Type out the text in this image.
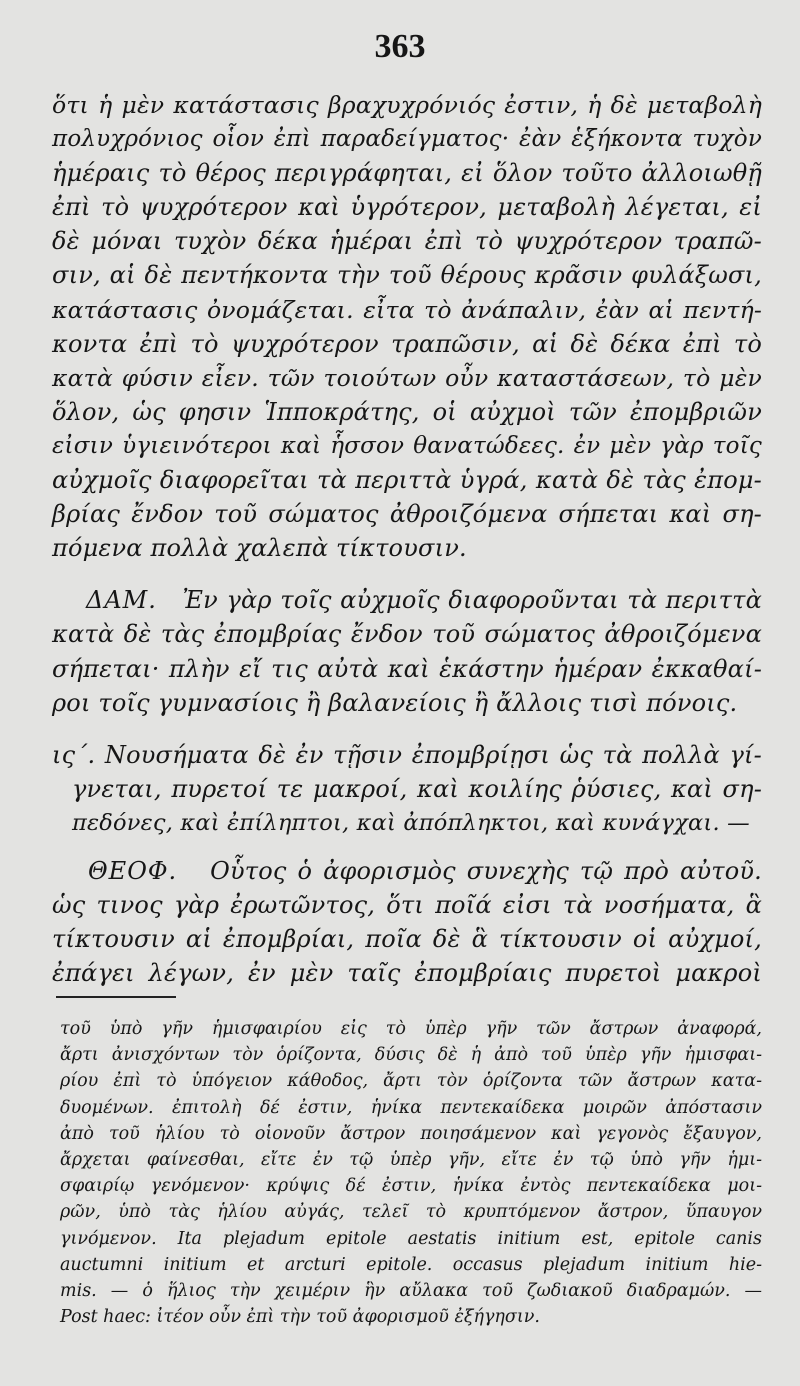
363
ὅτι ἡ μὲν κατάστασις βραχυχρόνιός ἐστιν, ἡ δὲ μεταβολὴ
πολυχρόνιος οἷον ἐπὶ παραδείγματος· ἐὰν ἑξήκοντα τυχὸν
ἡμέραις τὸ θέρος περιγράφηται, εἰ ὅλον τοῦτο ἀλλοιωθῇ
ἐπὶ τὸ ψυχρότερον καὶ ὑγρότερον, μεταβολὴ λέγεται, εἰ
δὲ μόναι τυχὸν δέκα ἡμέραι ἐπὶ τὸ ψυχρότερον τραπῶ-
σιν, αἱ δὲ πεντήκοντα τὴν τοῦ θέρους κρᾶσιν φυλάξωσι,
κατάστασις ὀνομάζεται. εἶτα τὸ ἀνάπαλιν, ἐὰν αἱ πεντή-
κοντα ἐπὶ τὸ ψυχρότερον τραπῶσιν, αἱ δὲ δέκα ἐπὶ τὸ
κατὰ φύσιν εἶεν. τῶν τοιούτων οὖν καταστάσεων, τὸ μὲν
ὅλον, ὡς φησιν Ἱπποκράτης, οἱ αὐχμοὶ τῶν ἐπομβριῶν
εἰσιν ὑγιεινότεροι καὶ ἧσσον θανατώδεες. ἐν μὲν γὰρ τοῖς
αὐχμοῖς διαφορεῖται τὰ περιττὰ ὑγρά, κατὰ δὲ τὰς ἐπομ-
βρίας ἔνδον τοῦ σώματος ἀθροιζόμενα σήπεται καὶ ση-
πόμενα πολλὰ χαλεπὰ τίκτουσιν.
ΔΑΜ. Ἐν γὰρ τοῖς αὐχμοῖς διαφοροῦνται τὰ περιττὰ
κατὰ δὲ τὰς ἐπομβρίας ἔνδον τοῦ σώματος ἀθροιζόμενα
σήπεται· πλὴν εἴ τις αὐτὰ καὶ ἑκάστην ἡμέραν ἐκκαθαί-
ροι τοῖς γυμνασίοις ἢ βαλανείοις ἢ ἄλλοις τισὶ πόνοις.
ις΄. Νουσήματα δὲ ἐν τῇσιν ἐπομβρίῃσι ὡς τὰ πολλὰ γί-
γνεται, πυρετοί τε μακροί, καὶ κοιλίης ῥύσιες, καὶ ση-
πεδόνες, καὶ ἐπίληπτοι, καὶ ἀπόπληκτοι, καὶ κυνάγχαι. —
ΘΕΟΦ. Οὗτος ὁ ἀφορισμὸς συνεχὴς τῷ πρὸ αὐτοῦ.
ὡς τινος γὰρ ἐρωτῶντος, ὅτι ποῖά εἰσι τὰ νοσήματα, ἃ
τίκτουσιν αἱ ἐπομβρίαι, ποῖα δὲ ἃ τίκτουσιν οἱ αὐχμοί,
ἐπάγει λέγων, ἐν μὲν ταῖς ἐπομβρίαις πυρετοὶ μακροὶ
τοῦ ὑπὸ γῆν ἡμισφαιρίου εἰς τὸ ὑπὲρ γῆν τῶν ἄστρων ἀναφορά,
ἄρτι ἀνισχόντων τὸν ὁρίζοντα, δύσις δὲ ἡ ἀπὸ τοῦ ὑπὲρ γῆν ἡμισφαι-
ρίου ἐπὶ τὸ ὑπόγειον κάθοδος, ἄρτι τὸν ὁρίζοντα τῶν ἄστρων κατα-
δυομένων. ἐπιτολὴ δέ ἐστιν, ἡνίκα πεντεκαίδεκα μοιρῶν ἀπόστασιν
ἀπὸ τοῦ ἡλίου τὸ οἱονοῦν ἄστρον ποιησάμενον καὶ γεγονὸς ἔξαυγον,
ἄρχεται φαίνεσθαι, εἴτε ἐν τῷ ὑπὲρ γῆν, εἴτε ἐν τῷ ὑπὸ γῆν ἡμι-
σφαιρίῳ γενόμενον· κρύψις δέ ἐστιν, ἡνίκα ἐντὸς πεντεκαίδεκα μοι-
ρῶν, ὑπὸ τὰς ἡλίου αὐγάς, τελεῖ τὸ κρυπτόμενον ἄστρον, ὕπαυγον
γινόμενον. Ita plejadum epitole aestatis initium est, epitole canis
auctumni initium et arcturi epitole. occasus plejadum initium hie-
mis. — ὁ ἥλιος τὴν χειμέριν ἣν αὔλακα τοῦ ζωδιακοῦ διαδραμών. —
Post haec: ἰτέον οὖν ἐπὶ τὴν τοῦ ἀφορισμοῦ ἐξήγησιν.
